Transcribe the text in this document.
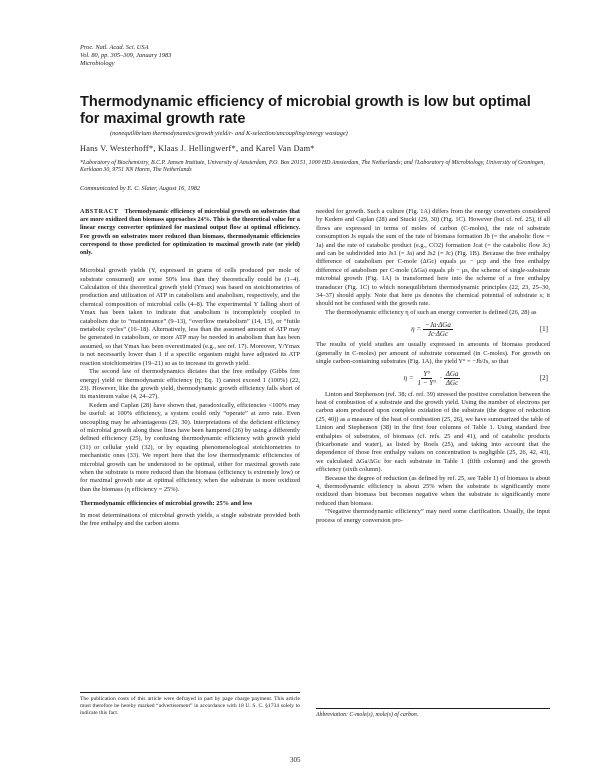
Proc. Natl. Acad. Sci. USA
Vol. 80, pp. 305–309, January 1983
Microbiology
Thermodynamic efficiency of microbial growth is low but optimal for maximal growth rate
(nonequilibrium thermodynamics/growth yield/r- and K-selection/uncoupling/energy wastage)
Hans V. Westerhoff*, Klaas J. Hellingwerf*, and Karel Van Dam*
*Laboratory of Biochemistry, B.C.P. Jansen Institute, University of Amsterdam, P.O. Box 20151, 1000 HD Amsterdam, The Netherlands; and †Laboratory of Microbiology, University of Groningen, Kerklaan 30, 9751 NN Haren, The Netherlands
Communicated by E. C. Slater, August 16, 1982

ABSTRACT Thermodynamic efficiency of microbial growth on substrates that are more oxidized than biomass approaches 24%. This is the theoretical value for a linear energy converter optimized for maximal output flow at optimal efficiency. For growth on substrates more reduced than biomass, thermodynamic efficiencies correspond to those predicted for optimization to maximal growth rate (or yield) only.

Microbial growth yields (Y, expressed in grams of cells produced per mole of substrate consumed) are some 50% less than they theoretically could be (1–4). Calculation of this theoretical growth yield (Ymax) was based on stoichiometries of production and utilization of ATP in catabolism and anabolism, respectively, and the chemical composition of microbial cells (4–8). The experimental Y falling short of Ymax has been taken to indicate that anabolism is incompletely coupled to catabolism due to “maintenance” (9–13), “overflow metabolism” (14, 15), or “futile metabolic cycles” (16–18). Alternatively, less than the assumed amount of ATP may be generated in catabolism, or more ATP may be needed in anabolism than has been assumed, so that Ymax has been overestimated (e.g., see ref. 17). Moreover, Y/Ymax is not necessarily lower than 1 if a specific organism might have adjusted its ATP reaction stoichiometries (19–21) so as to increase its growth yield.

The second law of thermodynamics dictates that the free enthalpy (Gibbs free energy) yield or thermodynamic efficiency (η; Eq. 1) cannot exceed 1 (100%) (22, 23). However, like the growth yield, thermodynamic growth efficiency falls short of its maximum value (4, 24–27).

Kedem and Caplan (28) have shown that, paradoxically, efficiencies <100% may be useful: at 100% efficiency, a system could only “operate” at zero rate. Even uncoupling may be advantageous (29, 30). Interpretations of the deficient efficiency of microbial growth along these lines have been hampered (26) by using a differently defined efficiency (25), by confusing thermodynamic efficiency with growth yield (31) or cellular yield (32), or by equating phenomenological stoichiometries to mechanistic ones (33). We report here that the low thermodynamic efficiencies of microbial growth can be understood to be optimal, either for maximal growth rate when the substrate is more reduced than the biomass (efficiency is extremely low) or for maximal growth rate at optimal efficiency when the substrate is more oxidized than the biomass (η efficiency = 25%).

Thermodynamic efficiencies of microbial growth: 25% and less

In most determinations of microbial growth yields, a single substrate provided both the free enthalpy and the carbon atoms

The publication costs of this article were defrayed in part by page charge payment. This article must therefore be hereby marked “advertisement” in accordance with 18 U. S. C. §1734 solely to indicate this fact.

needed for growth. Such a culture (Fig. 1A) differs from the energy converters considered by Kedem and Caplan (28) and Stucki (29, 30) (Fig. 1C). However (but cf. ref. 25), if all flows are expressed in terms of moles of carbon (C-moles), the rate of substrate consumption Js equals the sum of the rate of biomass formation Jb (= the anabolic flow = Ja) and the rate of catabolic product (e.g., CO2) formation Jcat (= the catabolic flow Jc) and can be subdivided into Js1 (= Ja) and Js2 (= Jc) (Fig. 1B). Because the free enthalpy difference of catabolism per C-mole (ΔGc) equals μs − μcp and the free enthalpy difference of anabolism per C-mole (ΔGa) equals μb − μs, the scheme of single-substrate microbial growth (Fig. 1A) is transformed here into the scheme of a free enthalpy transducer (Fig. 1C) to which nonequilibrium thermodynamic principles (22, 23, 25–30, 34–37) should apply. Note that here μs denotes the chemical potential of substrate s; it should not be confused with the growth rate.

The thermodynamic efficiency η of such an energy converter is defined (26, 28) as

$\eta = \frac{\text{−Ja·ΔGa}}{\text{Jc·ΔGc}}$	[1]

The results of yield studies are usually expressed in amounts of biomass produced (generally in C-moles) per amount of substrate consumed (in C-moles). For growth on single carbon-containing substrates (Fig. 1A), the yield Y° = −Jb/Js, so that

$\eta = \frac{Y^\circ}{1 - Y^\circ} \cdot \frac{\text{ΔGa}}{\text{ΔGc}}$	[2]

Linton and Stephenson (ref. 38; cf. ref. 39) stressed the positive correlation between the heat of combustion of a substrate and the growth yield. Using the number of electrons per carbon atom produced upon complete oxidation of the substrate (the degree of reduction (25, 40)) as a measure of the heat of combustion (25, 26), we have summarized the table of Linton and Stephenson (38) in the first four columns of Table 1. Using standard free enthalpies of substrates, of biomass (cf. refs. 25 and 41), and of catabolic products (bicarbonate and water), as listed by Roels (25), and taking into account that the dependence of those free enthalpy values on concentration is negligible (25, 26, 42, 43), we calculated ΔGa/ΔGc for each substrate in Table 1 (fifth column) and the growth efficiency (sixth column).

Because the degree of reduction (as defined by ref. 25, see Table 1) of biomass is about 4, thermodynamic efficiency is about 25% when the substrate is significantly more oxidized than biomass but becomes negative when the substrate is significantly more reduced than biomass.

“Negative thermodynamic efficiency” may need some clarification. Usually, the input process of energy conversion pro-

Abbreviation: C-mole(s), mole(s) of carbon.
305
